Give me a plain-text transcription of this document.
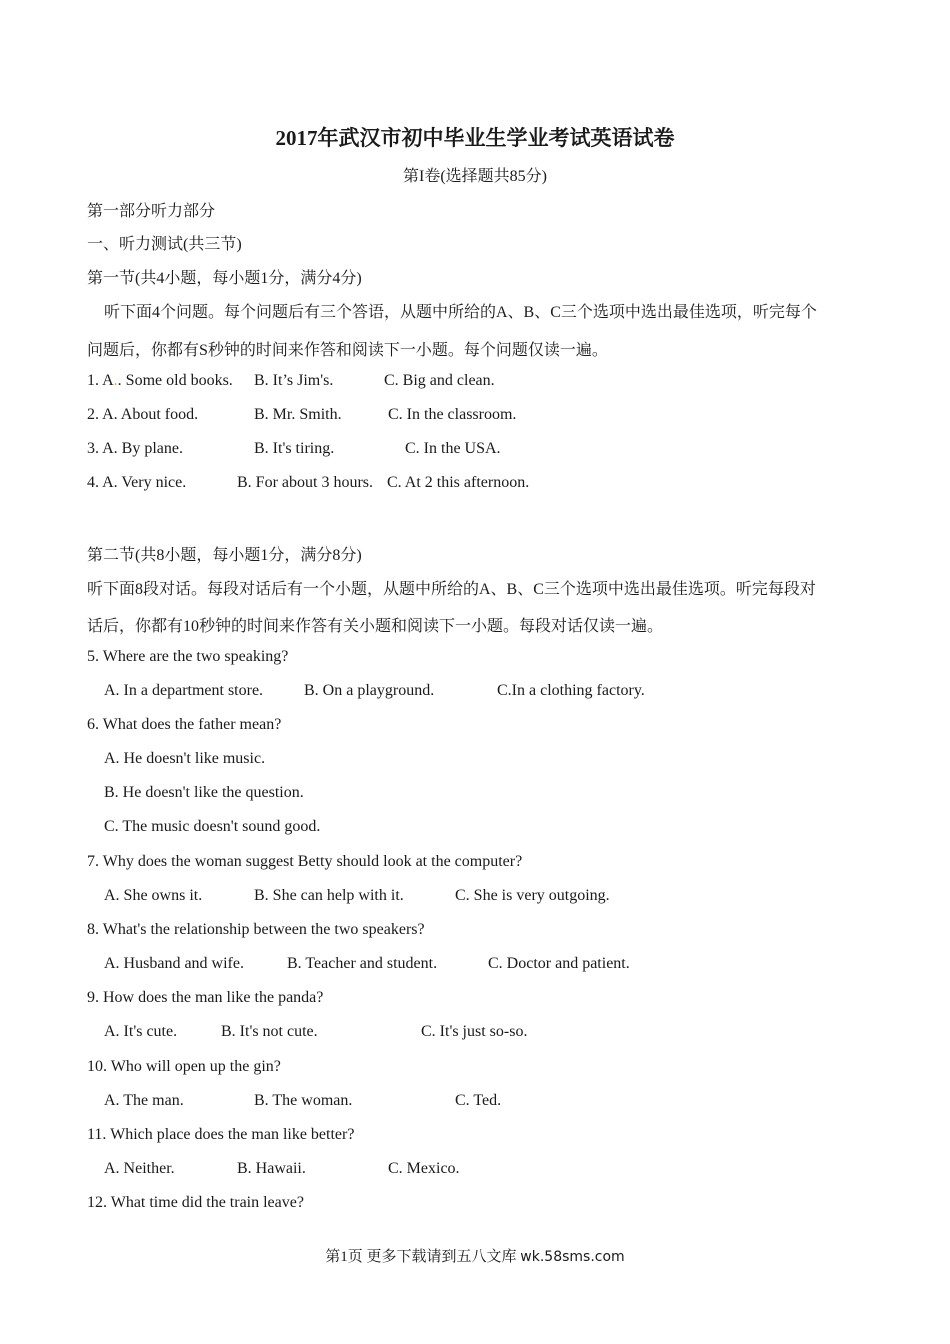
2017年武汉市初中毕业生学业考试英语试卷
第I卷(选择题共85分)
第一部分听力部分
一、听力测试(共三节)
第一节(共4小题，每小题1分，满分4分)
听下面4个问题。每个问题后有三个答语，从题中所给的A、B、C三个选项中选出最佳选项，听完每个
问题后，你都有S秒钟的时间来作答和阅读下一小题。每个问题仅读一遍。
1. A.. Some old books. B. It’s Jim's.	C. Big and clean.
2. A. About food.	B. Mr. Smith.	C. In the classroom.
3. A. By plane.	B. It's tiring.	C. In the USA.
4. A. Very nice.	B. For about 3 hours. C. At 2 this afternoon.
第二节(共8小题，每小题1分，满分8分)
听下面8段对话。每段对话后有一个小题，从题中所给的A、B、C三个选项中选出最佳选项。听完每段对
话后，你都有10秒钟的时间来作答有关小题和阅读下一小题。每段对话仅读一遍。
5. Where are the two speaking?
A. In a department store.	B. On a playground.	C.In a clothing factory.
6. What does the father mean?
A. He doesn't like music.
B. He doesn't like the question.
C. The music doesn't sound good.
7. Why does the woman suggest Betty should look at the computer?
A. She owns it.	B. She can help with it.	C. She is very outgoing.
8. What's the relationship between the two speakers?
A. Husband and wife.	B. Teacher and student.	C. Doctor and patient.
9. How does the man like the panda?
A. It's cute.	B. It's not cute.	C. It's just so-so.
10. Who will open up the gin?
A. The man.	B. The woman.	C. Ted.
11. Which place does the man like better?
A. Neither.	B. Hawaii.	C. Mexico.
12. What time did the train leave?
第1页 更多下载请到五八文库 wk.58sms.com
